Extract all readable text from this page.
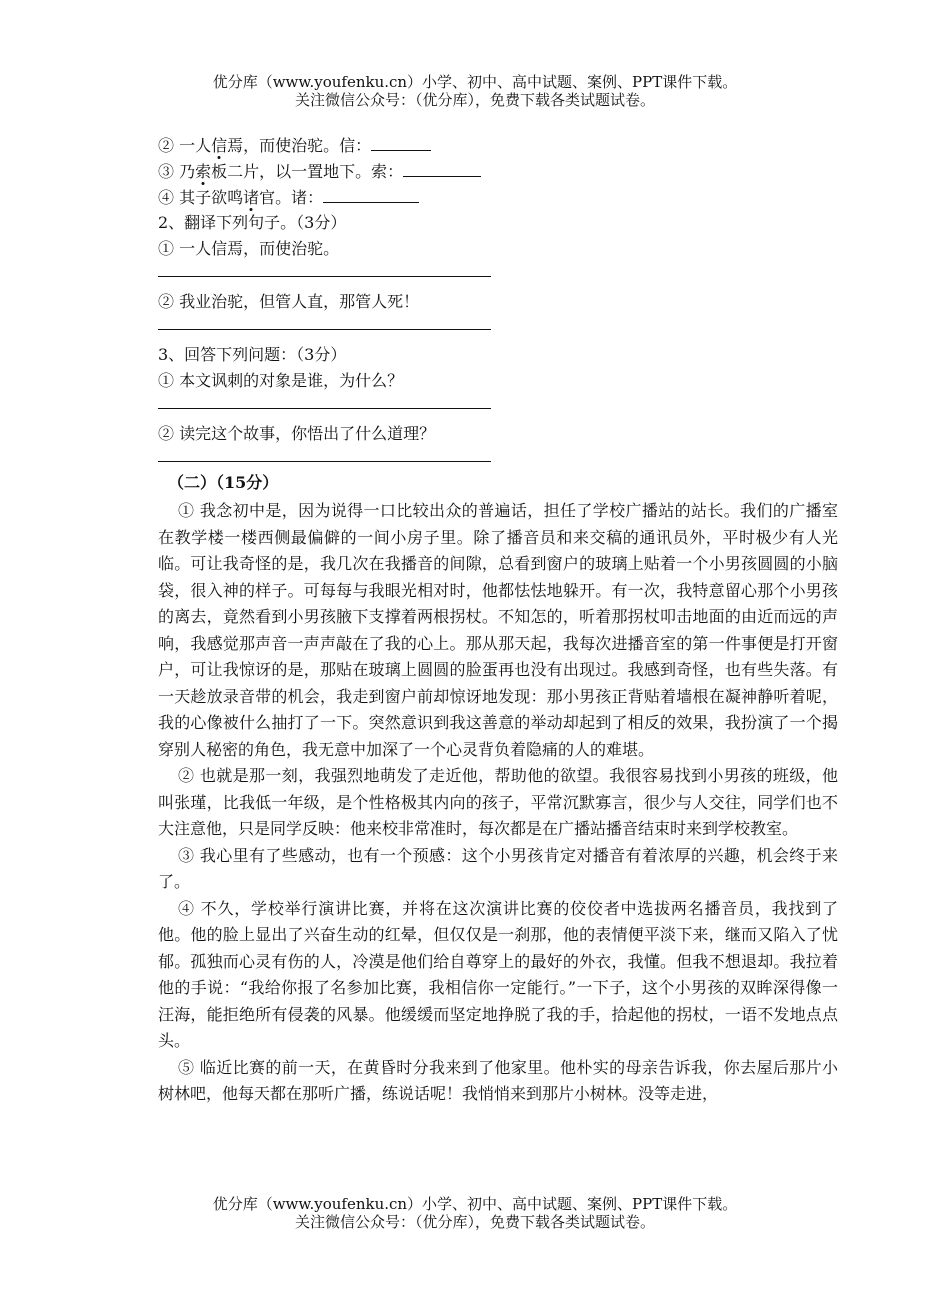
优分库（www.youfenku.cn）小学、初中、高中试题、案例、PPT课件下载。
关注微信公众号：（优分库），免费下载各类试题试卷。
② 一人信焉，而使治驼。信：
③ 乃索板二片，以一置地下。索：
④ 其子欲鸣诸官。诸：
2、翻译下列句子。（3分）
① 一人信焉，而使治驼。
② 我业治驼，但管人直，那管人死！
3、回答下列问题：（3分）
① 本文讽刺的对象是谁，为什么？
② 读完这个故事，你悟出了什么道理？
（二）（15分）

① 我念初中是，因为说得一口比较出众的普遍话，担任了学校广播站的站长。我们的广播室在教学楼一楼西侧最偏僻的一间小房子里。除了播音员和来交稿的通讯员外，平时极少有人光临。可让我奇怪的是，我几次在我播音的间隙，总看到窗户的玻璃上贴着一个小男孩圆圆的小脑袋，很入神的样子。可每每与我眼光相对时，他都怯怯地躲开。有一次，我特意留心那个小男孩的离去，竟然看到小男孩腋下支撑着两根拐杖。不知怎的，听着那拐杖叩击地面的由近而远的声响，我感觉那声音一声声敲在了我的心上。那从那天起，我每次进播音室的第一件事便是打开窗户，可让我惊讶的是，那贴在玻璃上圆圆的脸蛋再也没有出现过。我感到奇怪，也有些失落。有一天趁放录音带的机会，我走到窗户前却惊讶地发现：那小男孩正背贴着墙根在凝神静听着呢，我的心像被什么抽打了一下。突然意识到我这善意的举动却起到了相反的效果，我扮演了一个揭穿别人秘密的角色，我无意中加深了一个心灵背负着隐痛的人的难堪。

② 也就是那一刻，我强烈地萌发了走近他，帮助他的欲望。我很容易找到小男孩的班级，他叫张瑾，比我低一年级，是个性格极其内向的孩子，平常沉默寡言，很少与人交往，同学们也不大注意他，只是同学反映：他来校非常准时，每次都是在广播站播音结束时来到学校教室。

③ 我心里有了些感动，也有一个预感：这个小男孩肯定对播音有着浓厚的兴趣，机会终于来了。

④ 不久，学校举行演讲比赛，并将在这次演讲比赛的佼佼者中选拔两名播音员，我找到了他。他的脸上显出了兴奋生动的红晕，但仅仅是一刹那，他的表情便平淡下来，继而又陷入了忧郁。孤独而心灵有伤的人，冷漠是他们给自尊穿上的最好的外衣，我懂。但我不想退却。我拉着他的手说：“我给你报了名参加比赛，我相信你一定能行。”一下子，这个小男孩的双眸深得像一汪海，能拒绝所有侵袭的风暴。他缓缓而坚定地挣脱了我的手，拾起他的拐杖，一语不发地点点头。

⑤ 临近比赛的前一天，在黄昏时分我来到了他家里。他朴实的母亲告诉我，你去屋后那片小树林吧，他每天都在那听广播，练说话呢！我悄悄来到那片小树林。没等走进，

优分库（www.youfenku.cn）小学、初中、高中试题、案例、PPT课件下载。
关注微信公众号：（优分库），免费下载各类试题试卷。
